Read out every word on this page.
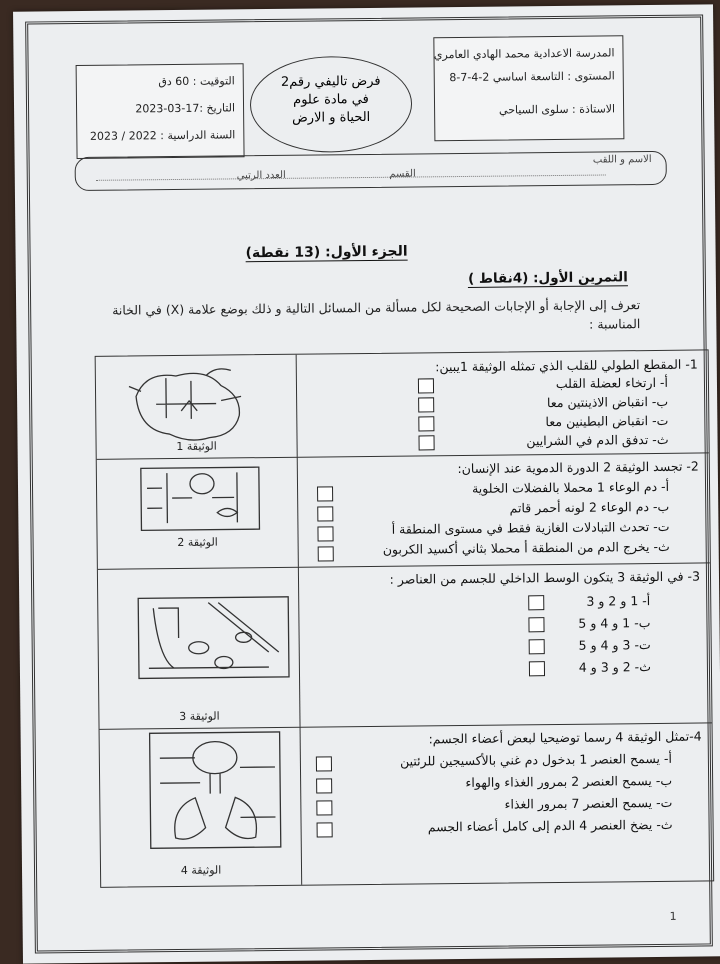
المدرسة الاعدادية محمد الهادي العامري
المستوى : التاسعة اساسي 2-4-7-8
الاستاذة : سلوى السياحي
فرض تاليفي رقم2
في مادة علوم
الحياة و الارض
التوقيت : 60 دق
التاريخ :17-03-2023
السنة الدراسية : 2022 / 2023
الاسم و اللقب
القسم
العدد الرتبي
الجزء الأول: (13 نقطة)
التمرين الأول: (4نقاط )
تعرف إلى الإجابة أو الإجابات الصحيحة لكل مسألة من المسائل التالية و ذلك بوضع علامة (X) في الخانة المناسبة :
الوثيقة 1
1- المقطع الطولي للقلب الذي تمثله الوثيقة 1يبين:
أ- ارتخاء لعضلة القلب
ب- انقباض الاذينتين معا
ت- انقباض البطينين معا
ث- تدفق الدم في الشرايين
الوثيقة 2
2- تجسد الوثيقة 2 الدورة الدموية عند الإنسان:
أ- دم الوعاء 1 محملا بالفضلات الخلوية
ب- دم الوعاء 2 لونه أحمر قاتم
ت- تحدث التبادلات الغازية فقط في مستوى المنطقة أ
ث- يخرج الدم من المنطقة أ محملا بثاني أكسيد الكربون
الوثيقة 3
3- في الوثيقة 3 يتكون الوسط الداخلي للجسم من العناصر :
أ- 1 و 2 و 3
ب- 1 و 4 و 5
ت- 3 و 4 و 5
ث- 2 و 3 و 4
الوثيقة 4
4-تمثل الوثيقة 4 رسما توضيحيا لبعض أعضاء الجسم:
أ- يسمح العنصر 1 بدخول دم غني بالأكسيجين للرئتين
ب- يسمح العنصر 2 بمرور الغذاء والهواء
ت- يسمح العنصر 7 بمرور الغذاء
ث- يضخ العنصر 4 الدم إلى كامل أعضاء الجسم
1
